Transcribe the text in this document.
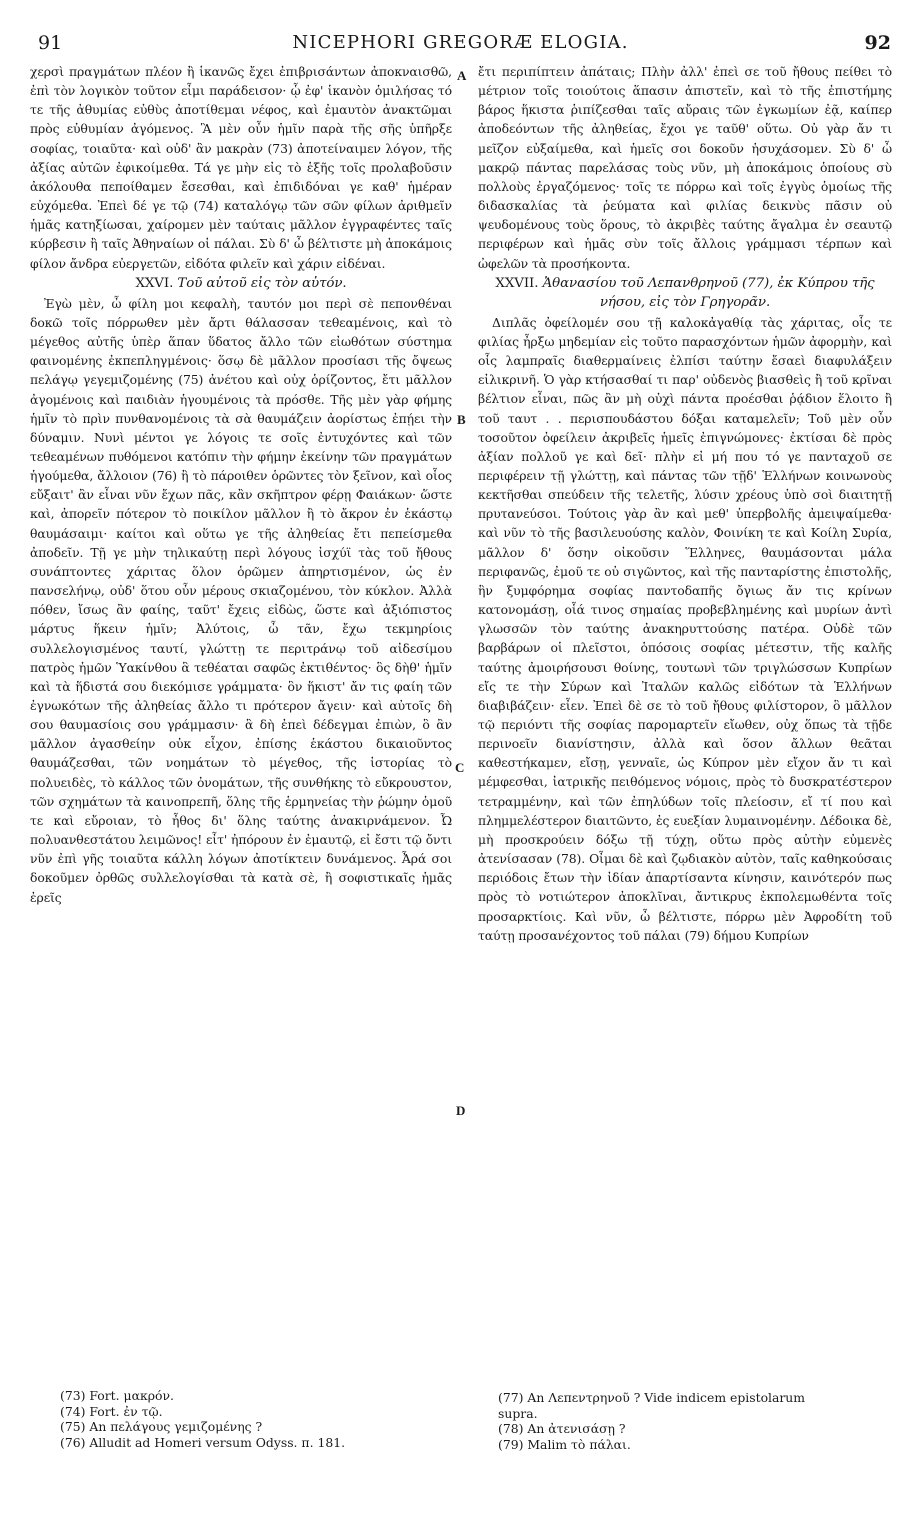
91	NICEPHORI GREGORÆ ELOGIA.	92

χερσὶ πραγμάτων πλέον ἢ ἱκανῶς ἔχει ἐπιβρισάντων ἀποκναισθῶ, ἐπὶ τὸν λογικὸν τοῦτον εἶμι παράδεισον· ᾧ ἐφ' ἱκανὸν ὁμιλήσας τό τε τῆς ἀθυμίας εὐθὺς ἀποτίθεμαι νέφος, καὶ ἐμαυτὸν ἀνακτῶμαι πρὸς εὐθυμίαν ἀγόμενος. Ἃ μὲν οὖν ἡμῖν παρὰ τῆς σῆς ὑπῆρξε σοφίας, τοιαῦτα· καὶ οὐδ' ἂν μακρὰν (73) ἀποτείναιμεν λόγον, τῆς ἀξίας αὐτῶν ἐφικοίμεθα. Τά γε μὴν εἰς τὸ ἑξῆς τοῖς προλαβοῦσιν ἀκόλουθα πεποίθαμεν ἔσεσθαι, καὶ ἐπιδιδόναι γε καθ' ἡμέραν εὐχόμεθα. Ἐπεὶ δέ γε τῷ (74) καταλόγῳ τῶν σῶν φίλων ἀριθμεῖν ἡμᾶς κατηξίωσαι, χαίρομεν μὲν ταύταις μᾶλλον ἐγγραφέντες ταῖς κύρβεσιν ἢ ταῖς Ἀθηναίων οἱ πάλαι. Σὺ δ' ὦ βέλτιστε μὴ ἀποκάμοις φίλον ἄνδρα εὐεργετῶν, εἰδότα φιλεῖν καὶ χάριν εἰδέναι.

XXVI. Τοῦ αὐτοῦ εἰς τὸν αὐτόν.

Ἐγὼ μὲν, ὦ φίλη μοι κεφαλὴ, ταυτόν μοι περὶ σὲ πεπονθέναι δοκῶ τοῖς πόρρωθεν μὲν ἄρτι θάλασσαν τεθεαμένοις, καὶ τὸ μέγεθος αὐτῆς ὑπὲρ ἅπαν ὕδατος ἄλλο τῶν εἰωθότων σύστημα φαινομένης ἐκπεπληγμένοις· ὅσῳ δὲ μᾶλλον προσίασι τῆς ὄψεως πελάγῳ γεγεμιζομένης (75) ἀνέτου καὶ οὐχ ὁρίζοντος, ἔτι μᾶλλον ἀγομένοις καὶ παιδιὰν ἡγουμένοις τὰ πρόσθε. Τῆς μὲν γὰρ φήμης ἡμῖν τὸ πρὶν πυνθανομένοις τὰ σὰ θαυμάζειν ἀορίστως ἐπῄει τὴν δύναμιν. Νυνὶ μέντοι γε λόγοις τε σοῖς ἐντυχόντες καὶ τῶν τεθεαμένων πυθόμενοι κατόπιν τὴν φήμην ἐκείνην τῶν πραγμάτων ἡγούμεθα, ἄλλοιον (76) ἢ τὸ πάροιθεν ὁρῶντες τὸν ξεῖνον, καὶ οἷος εὔξαιτ' ἂν εἶναι νῦν ἔχων πᾶς, κἂν σκῆπτρον φέρῃ Φαιάκων· ὥστε καὶ, ἀπορεῖν πότερον τὸ ποικίλον μᾶλλον ἢ τὸ ἄκρον ἐν ἑκάστῳ θαυμάσαιμι· καίτοι καὶ οὕτω γε τῆς ἀληθείας ἔτι πεπείσμεθα ἀποδεῖν. Τῇ γε μὴν τηλικαύτῃ περὶ λόγους ἰσχύϊ τὰς τοῦ ἤθους συνάπτοντες χάριτας ὅλον ὁρῶμεν ἀπηρτισμένον, ὡς ἐν πανσελήνῳ, οὐδ' ὅτου οὖν μέρους σκιαζομένου, τὸν κύκλον. Ἀλλὰ πόθεν, ἴσως ἂν φαίης, ταῦτ' ἔχεις εἰδὼς, ὥστε καὶ ἀξιόπιστος μάρτυς ἥκειν ἡμῖν; Ἀλύτοις, ὦ τᾶν, ἔχω τεκμηρίοις συλλελογισμένος ταυτί, γλώττῃ τε περιτράνῳ τοῦ αἰδεσίμου πατρὸς ἡμῶν Ὑακίνθου ἃ τεθέαται σαφῶς ἐκτιθέντος· ὃς δὴθ' ἡμῖν καὶ τὰ ἥδιστά σου διεκόμισε γράμματα· ὃν ἥκιστ' ἄν τις φαίη τῶν ἐγνωκότων τῆς ἀληθείας ἄλλο τι πρότερον ἄγειν· καὶ αὐτοῖς δὴ σου θαυμασίοις σου γράμμασιν· ἃ δὴ ἐπεὶ δέδεγμαι ἐπιὼν, ὃ ἂν μᾶλλον ἀγασθείην οὐκ εἶχον, ἐπίσης ἑκάστου δικαιοῦντος θαυμάζεσθαι, τῶν νοημάτων τὸ μέγεθος, τῆς ἱστορίας τὸ πολυειδὲς, τὸ κάλλος τῶν ὀνομάτων, τῆς συνθήκης τὸ εὔκρουστον, τῶν σχημάτων τὰ καινοπρεπῆ, ὅλης τῆς ἑρμηνείας τὴν ῥώμην ὁμοῦ τε καὶ εὔροιαν, τὸ ἦθος δι' ὅλης ταύτης ἀνακιρνάμενον. Ὦ πολυανθεστάτου λειμῶνος! εἶτ' ἠπόρουν ἐν ἐμαυτῷ, εἰ ἔστι τῷ ὄντι νῦν ἐπὶ γῆς τοιαῦτα κάλλη λόγων ἀποτίκτειν δυνάμενος. Ἆρά σοι δοκοῦμεν ὀρθῶς συλλελογίσθαι τὰ κατὰ σὲ, ἢ σοφιστικαῖς ἡμᾶς ἐρεῖς

ἔτι περιπίπτειν ἀπάταις; Πλὴν ἀλλ' ἐπεὶ σε τοῦ ἤθους πείθει τὸ μέτριον τοῖς τοιούτοις ἅπασιν ἀπιστεῖν, καὶ τὸ τῆς ἐπιστήμης βάρος ἥκιστα ῥιπίζεσθαι ταῖς αὔραις τῶν ἐγκωμίων ἐᾷ, καίπερ ἀποδεόντων τῆς ἀληθείας, ἔχοι γε ταῦθ' οὕτω. Οὐ γὰρ ἄν τι μεῖζον εὐξαίμεθα, καὶ ἡμεῖς σοι δοκοῦν ἡσυχάσομεν. Σὺ δ' ὦ μακρῷ πάντας παρελάσας τοὺς νῦν, μὴ ἀποκάμοις ὁποίους σὺ πολλοὺς ἐργαζόμενος· τοῖς τε πόρρω καὶ τοῖς ἐγγὺς ὁμοίως τῆς διδασκαλίας τὰ ῥεύματα καὶ φιλίας δεικνὺς πᾶσιν οὐ ψευδομένους τοὺς ὅρους, τὸ ἀκριβὲς ταύτης ἄγαλμα ἐν σεαυτῷ περιφέρων καὶ ἡμᾶς σὺν τοῖς ἄλλοις γράμμασι τέρπων καὶ ὠφελῶν τὰ προσήκοντα.

XXVII. Ἀθανασίου τοῦ Λεπανθρηνοῦ (77), ἐκ Κύπρου τῆς νήσου, εἰς τὸν Γρηγορᾶν.

Διπλᾶς ὀφείλομέν σου τῇ καλοκἀγαθίᾳ τὰς χάριτας, οἷς τε φιλίας ἦρξω μηδεμίαν εἰς τοῦτο παρασχόντων ἡμῶν ἀφορμὴν, καὶ οἷς λαμπραῖς διαθερμαίνεις ἐλπίσι ταύτην ἔσαεὶ διαφυλάξειν εἰλικρινῆ. Ὁ γὰρ κτήσασθαί τι παρ' οὐδενὸς βιασθεὶς ἢ τοῦ κρῖναι βέλτιον εἶναι, πῶς ἂν μὴ οὐχὶ πάντα προέσθαι ῥᾴδιον ἕλοιτο ἢ τοῦ ταυτ . . περισπουδάστου δόξαι καταμελεῖν; Τοῦ μὲν οὖν τοσοῦτον ὀφείλειν ἀκριβεῖς ἡμεῖς ἐπιγνώμονες· ἐκτίσαι δὲ πρὸς ἀξίαν πολλοῦ γε καὶ δεῖ· πλὴν εἰ μή που τό γε πανταχοῦ σε περιφέρειν τῇ γλώττῃ, καὶ πάντας τῶν τῇδ' Ἑλλήνων κοινωνοὺς κεκτῆσθαι σπεύδειν τῆς τελετῆς, λύσιν χρέους ὑπὸ σοὶ διαιτητῇ πρυτανεύσοι. Τούτοις γὰρ ἂν καὶ μεθ' ὑπερβολῆς ἀμειψαίμεθα· καὶ νῦν τὸ τῆς βασιλευούσης καλὸν, Φοινίκη τε καὶ Κοίλη Συρία, μᾶλλον δ' ὅσην οἰκοῦσιν Ἕλληνες, θαυμάσονται μάλα περιφανῶς, ἐμοῦ τε οὐ σιγῶντος, καὶ τῆς πανταρίστης ἐπιστολῆς, ἣν ξυμφόρημα σοφίας παντοδαπῆς ὄγιως ἄν τις κρίνων κατονομάσῃ, οἷά τινος σημαίας προβεβλημένης καὶ μυρίων ἀντὶ γλωσσῶν τὸν ταύτης ἀνακηρυττούσης πατέρα. Οὐδὲ τῶν βαρβάρων οἱ πλεῖστοι, ὁπόσοις σοφίας μέτεστιν, τῆς καλῆς ταύτης ἀμοιρήσουσι θοίνης, τουτωνὶ τῶν τριγλώσσων Κυπρίων εἴς τε τὴν Σύρων καὶ Ἰταλῶν καλῶς εἰδότων τὰ Ἑλλήνων διαβιβάζειν· εἶεν. Ἐπεὶ δὲ σε τὸ τοῦ ἤθους φιλίστορον, ὃ μᾶλλον τῷ περιόντι τῆς σοφίας παρομαρτεῖν εἴωθεν, οὐχ ὅπως τὰ τῇδε περινοεῖν διανίστησιν, ἀλλὰ καὶ ὅσον ἄλλων θεᾶται καθεστήκαμεν, εἴσῃ, γενναῖε, ὡς Κύπρον μὲν εἴχον ἄν τι καὶ μέμφεσθαι, ἰατρικῆς πειθόμενος νόμοις, πρὸς τὸ δυσκρατέστερον τετραμμένην, καὶ τῶν ἐπηλύδων τοῖς πλείοσιν, εἴ τί που καὶ πλημμελέστερον διαιτῶντο, ἐς ευεξίαν λυμαινομένην. Δέδοικα δὲ, μὴ προσκρούειν δόξω τῇ τύχῃ, οὕτω πρὸς αὐτὴν εὐμενὲς ἀτενίσασαν (78). Οἶμαι δὲ καὶ ζῳδιακὸν αὐτὸν, ταῖς καθηκούσαις περιόδοις ἔτων τὴν ἰδίαν ἀπαρτίσαντα κίνησιν, καινότερόν πως πρὸς τὸ νοτιώτερον ἀποκλῖναι, ἄντικρυς ἐκπολεμωθέντα τοῖς προσαρκτίοις. Καὶ νῦν, ὦ βέλτιστε, πόρρω μὲν Ἀφροδίτη τοῦ ταύτῃ προσανέχοντος τοῦ πάλαι (79) δήμου Κυπρίων

A
B
C
D
(73) Fort. μακρόν.
(74) Fort. ἐν τῷ.
(75) An πελάγους γεμιζομένης ?
(76) Alludit ad Homeri versum Odyss. π. 181.
(77) An Λεπεντρηνοῦ ? Vide indicem epistolarum
supra.
(78) An ἀτενισάσῃ ?
(79) Malim τὸ πάλαι.
